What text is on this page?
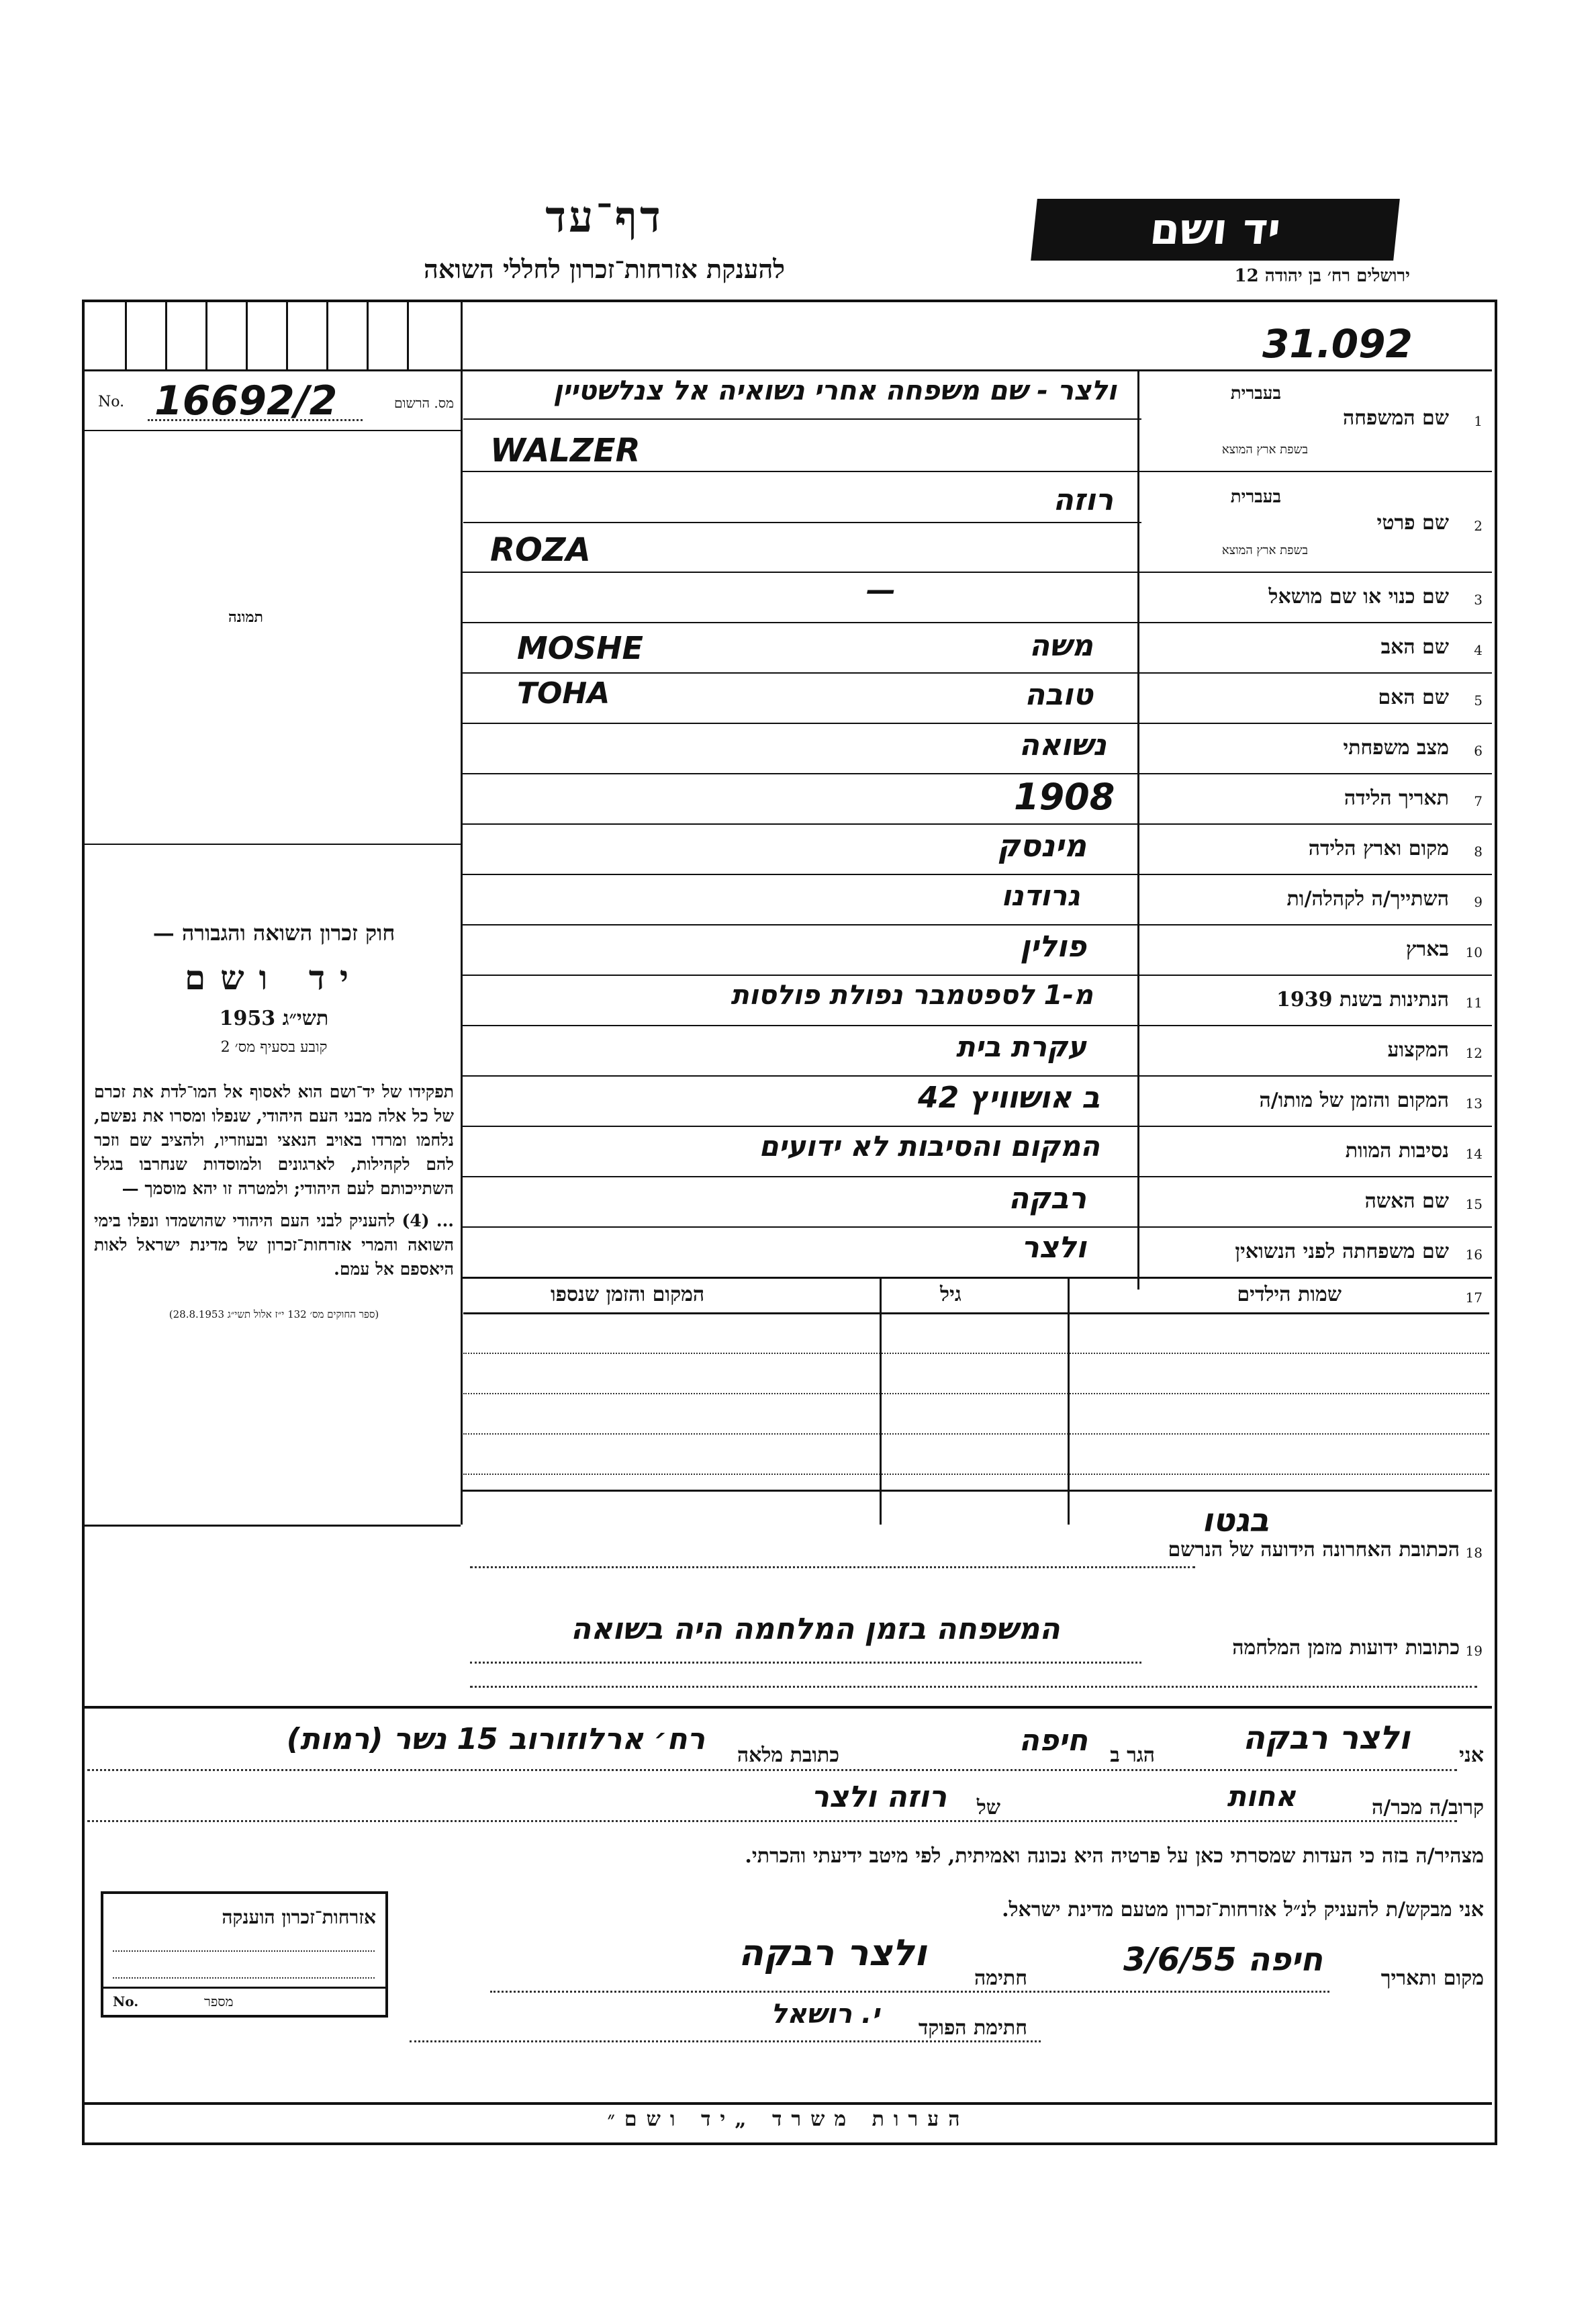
יד ושם
ירושלים רח׳ בן יהודה 12
דף־עד
להענקת אזרחות־זכרון לחללי השואה
31.092
No. 16692/2	מס. הרשום
תמונה
חוק זכרון השואה והגבורה —
יד ושם
תשי״ג 1953
קובע בסעיף מס׳ 2
תפקידו של יד־ושם הוא לאסוף אל המו־לדת את זכרם של כל אלה מבני העם היהודי, שנפלו ומסרו את נפשם, נלחמו ומרדו באויב הנאצי ובעוזריו, ולהציב שם וזכר להם לקהילות, לארגונים ולמוסדות שנחרבו בגלל השתייכותם לעם היהודי; ולמטרה זו יהא מוסמך —
... (4) להעניק לבני העם היהודי שהושמדו ונפלו בימי השואה והמרי אזרחות־זכרון של מדינת ישראל לאות היאספם אל עמם.
(ספר החוקים מס׳ 132 י״ז אלול תשי״ג 28.8.1953)
שם המשפחה 1
בעברית
בשפת ארץ המוצא
ולצר - שם משפחה אחרי נשואיה אל צנלשטיין
WALZER
שם פרטי 2
בעברית
בשפת ארץ המוצא
רוזה
ROZA
שם כנוי או שם מושאל 3
—
שם האב 4
משה
MOSHE
שם האם 5
טובה
TOHA
מצב משפחתי 6
נשואה
תאריך הלידה 7
1908
מקום וארץ הלידה 8
מינסק
השתייך/ה לקהלה/ות 9
גרודנו
בארץ 10
פולין
הנתינות בשנת 1939 11
מ-1 לספטמבר נפולת פולסות
המקצוע 12
עקרת בית
המקום והזמן של מותו/ה 13
ב אושוויץ 42
נסיבות המוות 14
המקום והסיבות לא ידועים
שם האשה 15
רבקה
שם משפחתה לפני הנשואין 16
ולצר
17
שמות הילדים
גיל
המקום והזמן שנספו
18
הכתובת האחרונה הידועה של הנרשם
בגטו
19
כתובות ידועות מזמן המלחמה
המשפחה בזמן המלחמה היה בשואה
אני
ולצר רבקה
הגר ב
חיפה
כתובת מלאה
רח׳ ארלוזורוב 15 נשר (רמות)
קרוב/ה מכר/ה
אחות
של
רוזה ולצר
מצהיר/ה בזה כי העדות שמסרתי כאן על פרטיה היא נכונה ואמיתית, לפי מיטב ידיעתי והכרתי.
אני מבקש/ת להעניק לנ״ל אזרחות־זכרון מטעם מדינת ישראל.
מקום ותאריך
חיפה 3/6/55
חתימה
ולצר רבקה
חתימת הפוקד
י. רושאל
אזרחות־זכרון הוענקה
No.	מספר
הערות משרד „יד ושם״
